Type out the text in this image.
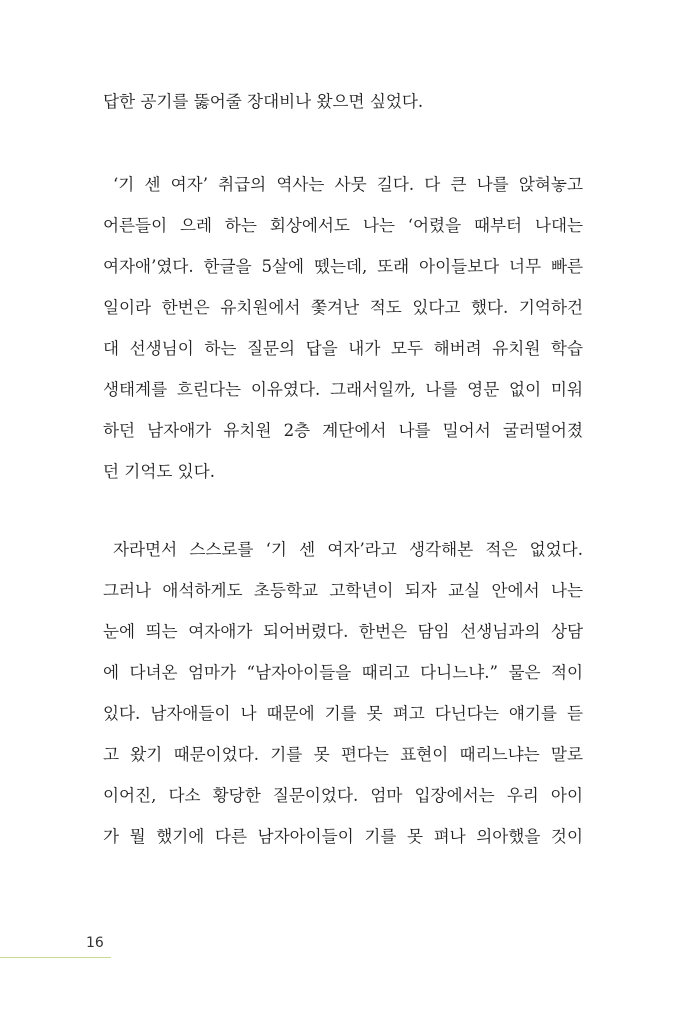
답한 공기를 뚫어줄 장대비나 왔으면 싶었다.
‘기 센 여자’ 취급의 역사는 사뭇 길다. 다 큰 나를 앉혀놓고
어른들이 으레 하는 회상에서도 나는 ‘어렸을 때부터 나대는
여자애’였다. 한글을 5살에 뗐는데, 또래 아이들보다 너무 빠른
일이라 한번은 유치원에서 쫓겨난 적도 있다고 했다. 기억하건
대 선생님이 하는 질문의 답을 내가 모두 해버려 유치원 학습
생태계를 흐린다는 이유였다. 그래서일까, 나를 영문 없이 미워
하던 남자애가 유치원 2층 계단에서 나를 밀어서 굴러떨어졌
던 기억도 있다.
자라면서 스스로를 ‘기 센 여자’라고 생각해본 적은 없었다.
그러나 애석하게도 초등학교 고학년이 되자 교실 안에서 나는
눈에 띄는 여자애가 되어버렸다. 한번은 담임 선생님과의 상담
에 다녀온 엄마가 “남자아이들을 때리고 다니느냐.” 물은 적이
있다. 남자애들이 나 때문에 기를 못 펴고 다닌다는 얘기를 듣
고 왔기 때문이었다. 기를 못 편다는 표현이 때리느냐는 말로
이어진, 다소 황당한 질문이었다. 엄마 입장에서는 우리 아이
가 뭘 했기에 다른 남자아이들이 기를 못 펴나 의아했을 것이
16
